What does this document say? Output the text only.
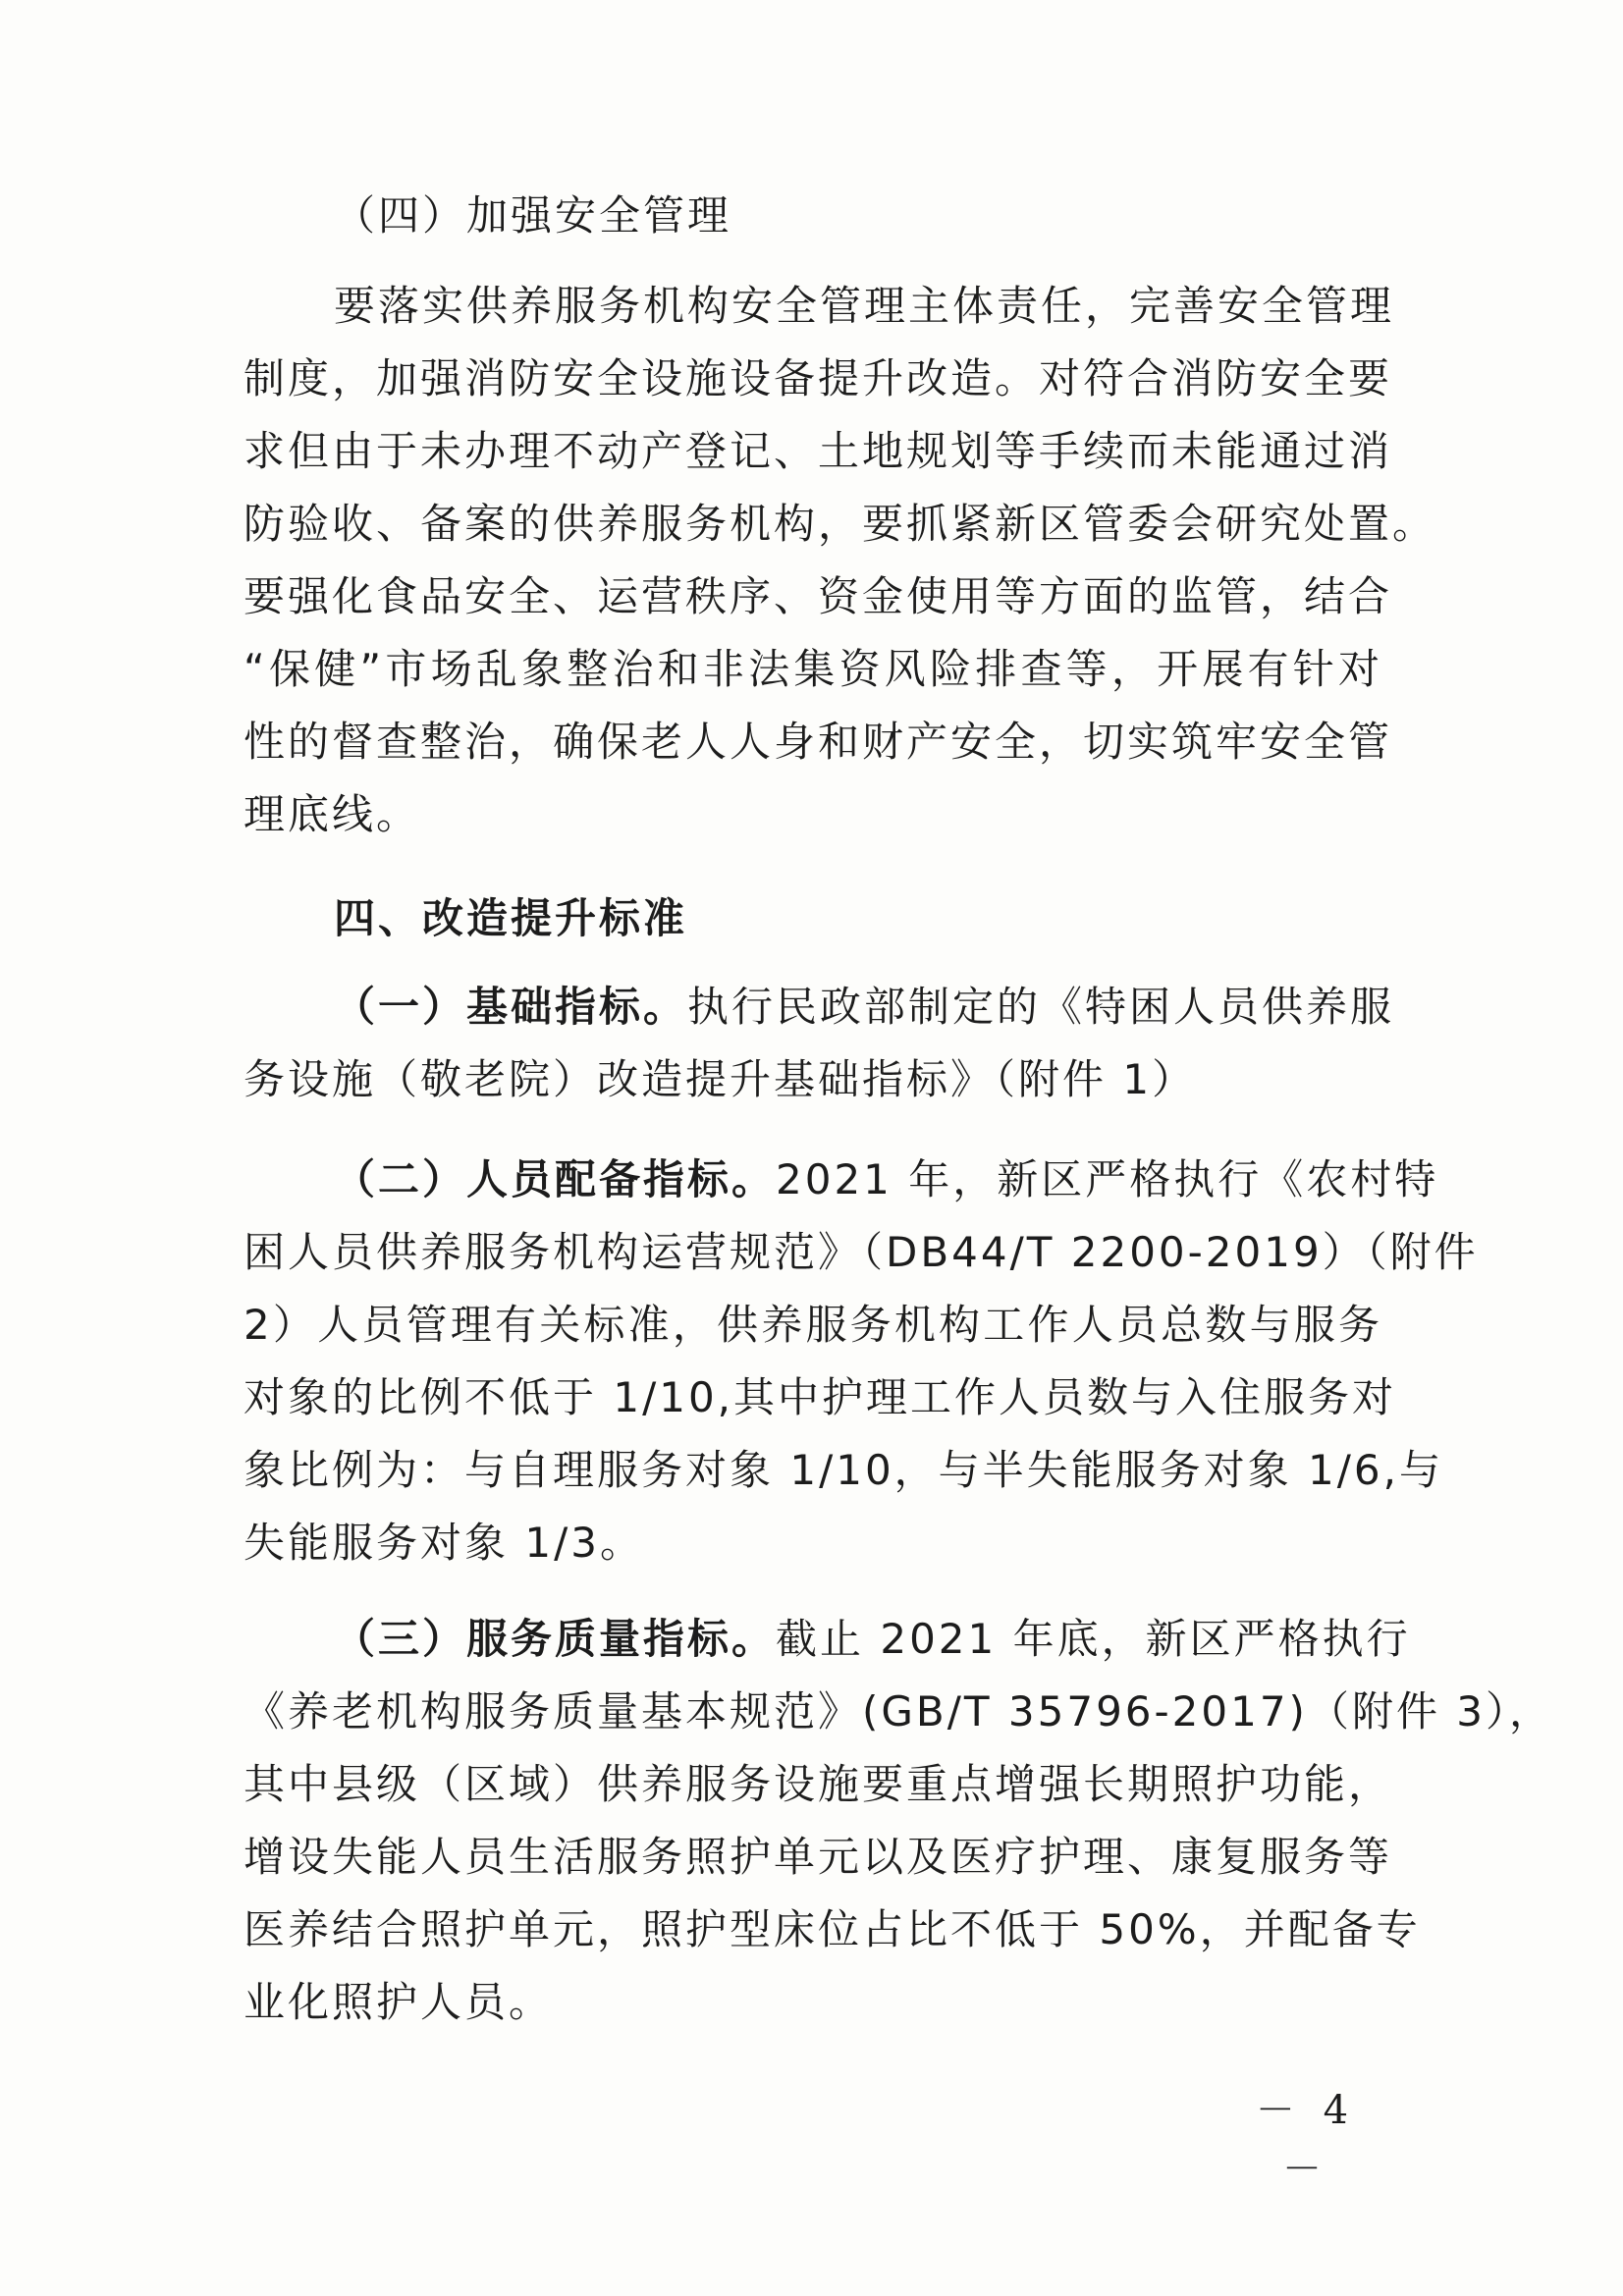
（四）加强安全管理
要落实供养服务机构安全管理主体责任，完善安全管理
制度，加强消防安全设施设备提升改造。对符合消防安全要
求但由于未办理不动产登记、土地规划等手续而未能通过消
防验收、备案的供养服务机构，要抓紧新区管委会研究处置。
要强化食品安全、运营秩序、资金使用等方面的监管，结合
“保健”市场乱象整治和非法集资风险排查等，开展有针对
性的督查整治，确保老人人身和财产安全，切实筑牢安全管
理底线。
四、改造提升标准
（一）基础指标。执行民政部制定的《特困人员供养服
务设施（敬老院）改造提升基础指标》（附件 1）
（二）人员配备指标。2021 年，新区严格执行《农村特
困人员供养服务机构运营规范》（DB44/T 2200-2019）（附件
2）人员管理有关标准，供养服务机构工作人员总数与服务
对象的比例不低于 1/10,其中护理工作人员数与入住服务对
象比例为：与自理服务对象 1/10，与半失能服务对象 1/6,与
失能服务对象 1/3。
（三）服务质量指标。截止 2021 年底，新区严格执行
《养老机构服务质量基本规范》(GB/T 35796-2017)（附件 3），
其中县级（区域）供养服务设施要重点增强长期照护功能，
增设失能人员生活服务照护单元以及医疗护理、康复服务等
医养结合照护单元，照护型床位占比不低于 50%，并配备专
业化照护人员。
－ 4 －
